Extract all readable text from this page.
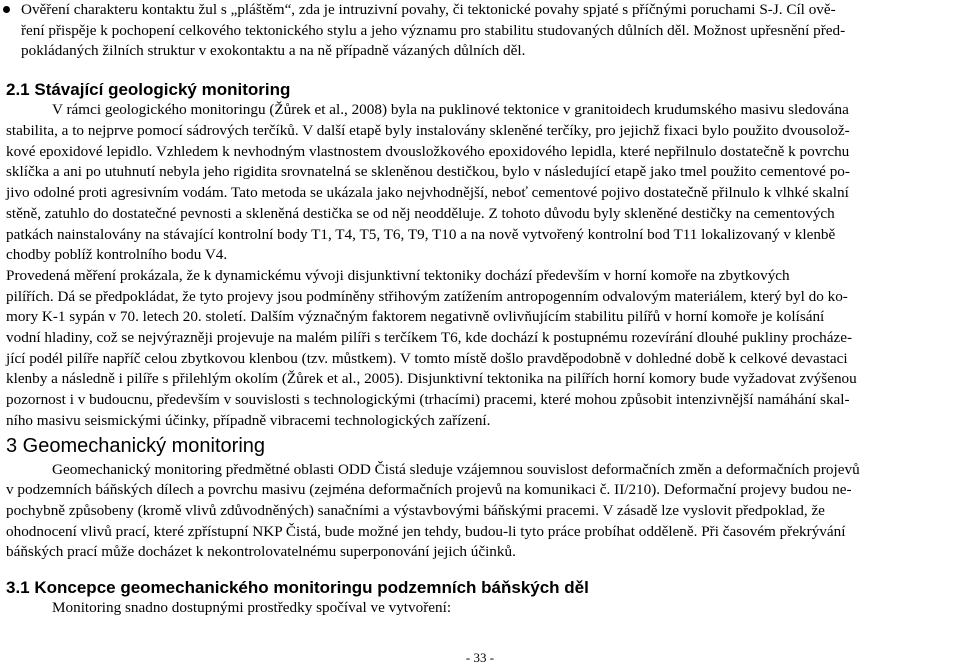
Ověření charakteru kontaktu žul s „pláštěm“, zda je intruzivní povahy, či tektonické povahy spjaté s příčnými poruchami S-J. Cíl ově-
ření přispěje k pochopení celkového tektonického stylu a jeho významu pro stabilitu studovaných důlních děl. Možnost upřesnění před-
pokládaných žilních struktur v exokontaktu a na ně případně vázaných důlních děl.
2.1 Stávající geologický monitoring
V rámci geologického monitoringu (Žůrek et al., 2008) byla na puklinové tektonice v granitoidech krudumského masivu sledována
stabilita, a to nejprve pomocí sádrových terčíků. V další etapě byly instalovány skleněné terčíky, pro jejichž fixaci bylo použito dvousolož-
kové epoxidové lepidlo. Vzhledem k nevhodným vlastnostem dvousložkového epoxidového lepidla, které nepřilnulo dostatečně k povrchu
sklíčka a ani po utuhnutí nebyla jeho rigidita srovnatelná se skleněnou destičkou, bylo v následující etapě jako tmel použito cementové po-
jivo odolné proti agresivním vodám. Tato metoda se ukázala jako nejvhodnější, neboť cementové pojivo dostatečně přilnulo k vlhké skalní
stěně, zatuhlo do dostatečné pevnosti a skleněná destička se od něj neodděluje. Z tohoto důvodu byly skleněné destičky na cementových
patkách nainstalovány na stávající kontrolní body T1, T4, T5, T6, T9, T10 a na nově vytvořený kontrolní bod T11 lokalizovaný v klenbě
chodby poblíž kontrolního bodu V4.
Provedená měření prokázala, že k dynamickému vývoji disjunktivní tektoniky dochází především v horní komoře na zbytkových
pilířích. Dá se předpokládat, že tyto projevy jsou podmíněny střihovým zatížením antropogenním odvalovým materiálem, který byl do ko-
mory K-1 sypán v 70. letech 20. století. Dalším význačným faktorem negativně ovlivňujícím stabilitu pilířů v horní komoře je kolísání
vodní hladiny, což se nejvýrazněji projevuje na malém pilíři s terčíkem T6, kde dochází k postupnému rozevírání dlouhé pukliny procháze-
jící podél pilíře napříč celou zbytkovou klenbou (tzv. můstkem). V tomto místě došlo pravděpodobně v dohledné době k celkové devastaci
klenby a následně i pilíře s přilehlým okolím (Žůrek et al., 2005). Disjunktivní tektonika na pilířích horní komory bude vyžadovat zvýšenou
pozornost i v budoucnu, především v souvislosti s technologickými (trhacími) pracemi, které mohou způsobit intenzivnější namáhání skal-
ního masivu seismickými účinky, případně vibracemi technologických zařízení.
3 Geomechanický monitoring
Geomechanický monitoring předmětné oblasti ODD Čistá sleduje vzájemnou souvislost deformačních změn a deformačních projevů
v podzemních báňských dílech a povrchu masivu (zejména deformačních projevů na komunikaci č. II/210). Deformační projevy budou ne-
pochybně způsobeny (kromě vlivů zdůvodněných) sanačními a výstavbovými báňskými pracemi. V zásadě lze vyslovit předpoklad, že
ohodnocení vlivů prací, které zpřístupní NKP Čistá, bude možné jen tehdy, budou-li tyto práce probíhat odděleně. Při časovém překrývání
báňských prací může docházet k nekontrolovatelnému superponování jejich účinků.
3.1 Koncepce geomechanického monitoringu podzemních báňských děl
Monitoring snadno dostupnými prostředky spočíval ve vytvoření:
- 33 -
